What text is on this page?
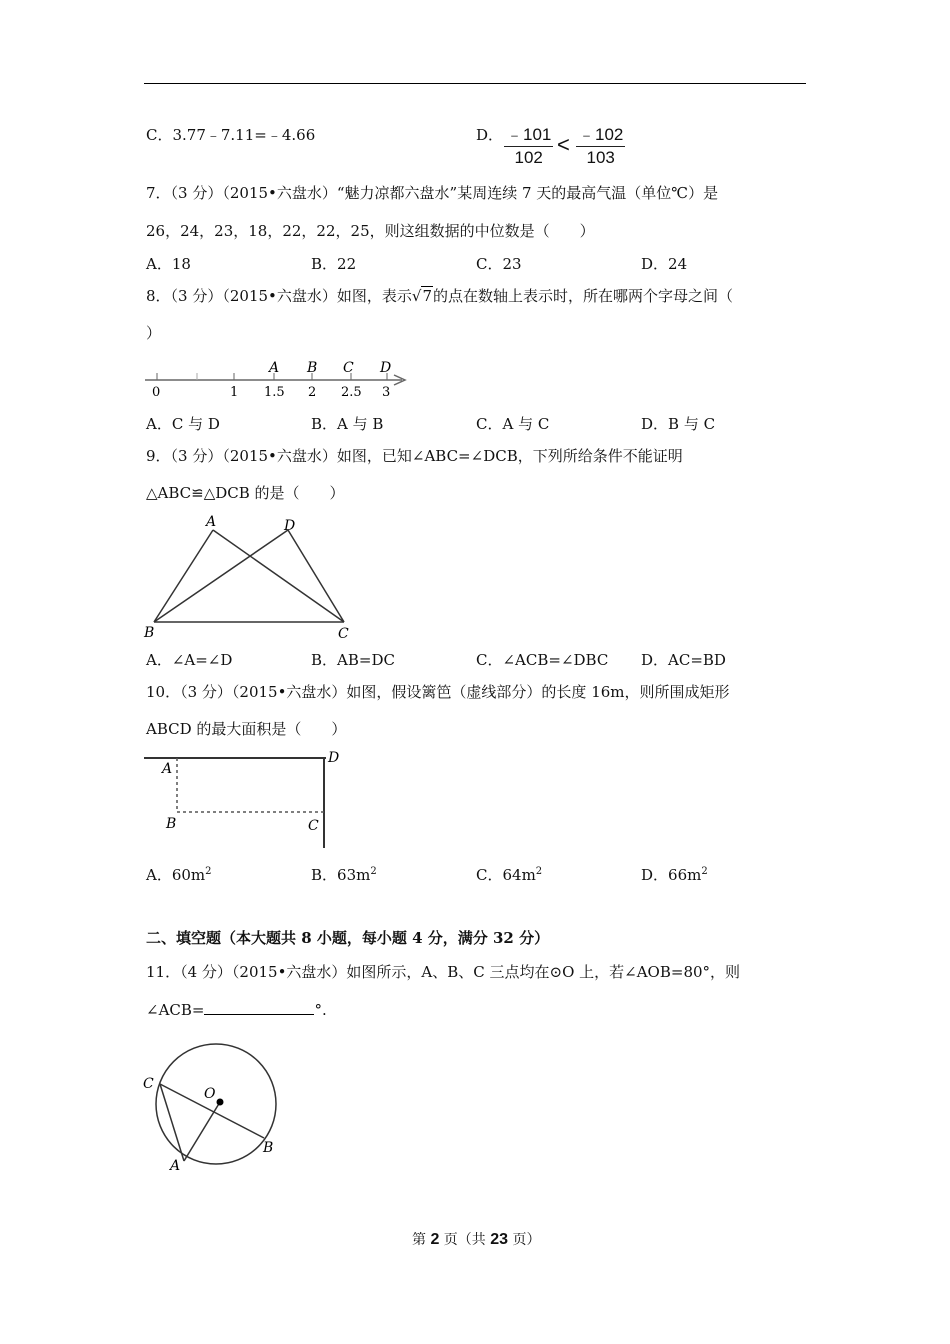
C．3.77﹣7.11=﹣4.66	D． $\frac{﹣101}{102} < \frac{﹣102}{103}$
7．（3 分）（2015•六盘水）“魅力凉都六盘水”某周连续 7 天的最高气温（单位℃）是
26，24，23，18，22，22，25，则这组数据的中位数是（　　）
A．18	B．22	C．23	D．24
8．（3 分）（2015•六盘水）如图，表示√7的点在数轴上表示时，所在哪两个字母之间（
）
A B C D
0	1 1.5 2 2.5 3
A．C 与 D	B．A 与 B	C．A 与 C	D．B 与 C
9．（3 分）（2015•六盘水）如图，已知∠ABC=∠DCB，下列所给条件不能证明
△ABC≌△DCB 的是（　　）
A	D
B	C
A．∠A=∠D	B．AB=DC	C．∠ACB=∠DBC D．AC=BD
10．（3 分）（2015•六盘水）如图，假设篱笆（虚线部分）的长度 16m，则所围成矩形
ABCD 的最大面积是（　　）
A
D
B	C
A．$60m^2$	B．$63m^2$	C．$64m^2$	D．$66m^2$
二、填空题（本大题共 8 小题，每小题 4 分，满分 32 分）
11．（4 分）（2015•六盘水）如图所示，A、B、C 三点均在⊙O 上，若∠AOB=80°，则
∠ACB=	°.
C
O
A
B
第 2 页（共 23 页）
